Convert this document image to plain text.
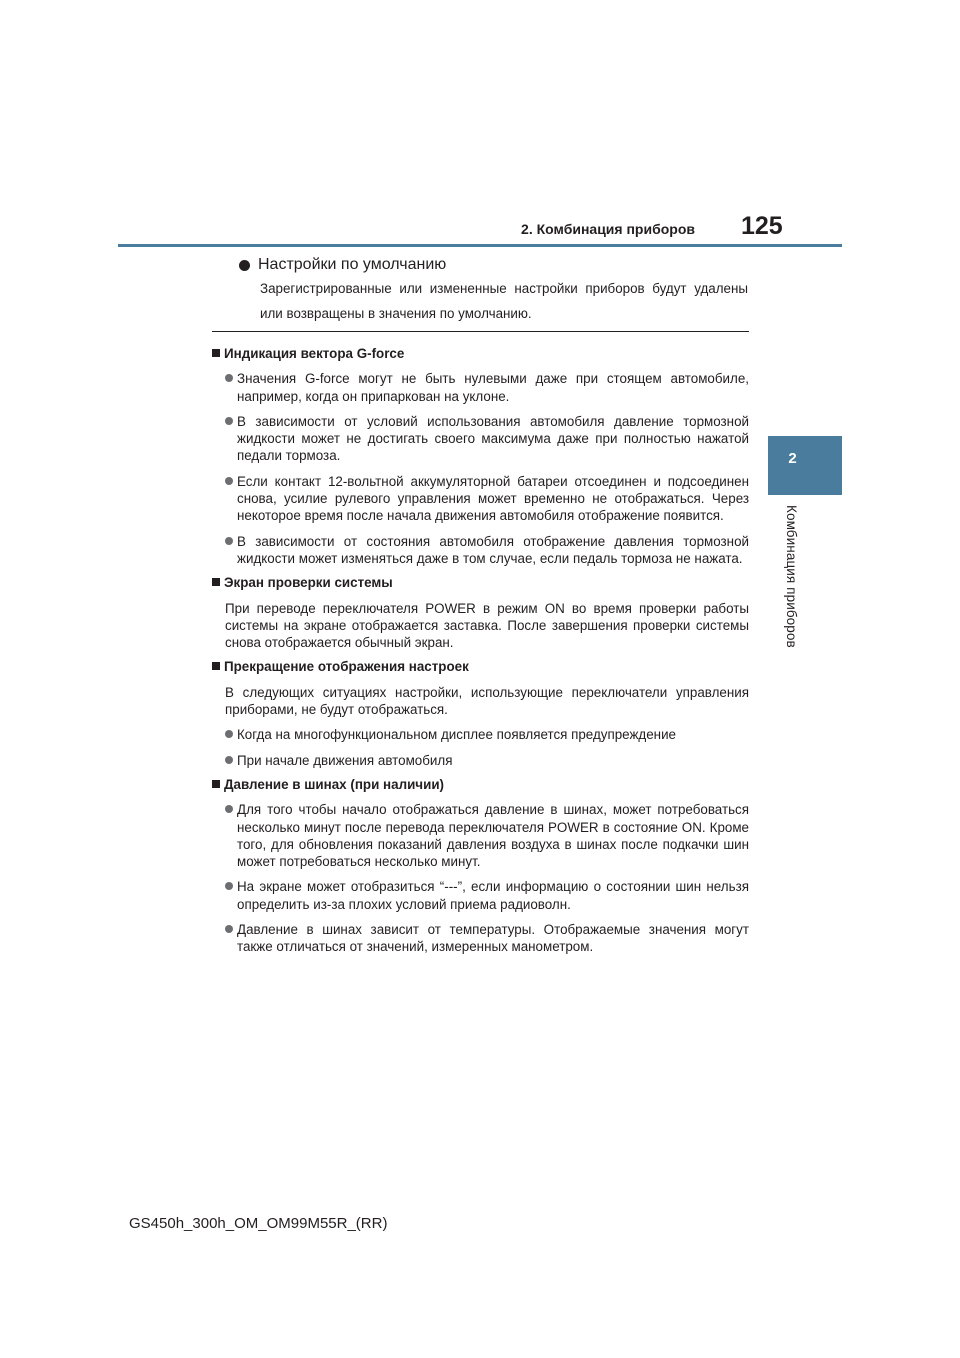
2. Комбинация приборов 125
2
Комбинация приборов
Настройки по умолчанию
Зарегистрированные или измененные настройки приборов будут удалены или возвращены в значения по умолчанию.
Индикация вектора G-force
Значения G-force могут не быть нулевыми даже при стоящем автомобиле, например, когда он припаркован на уклоне.
В зависимости от условий использования автомобиля давление тормозной жидкости может не достигать своего максимума даже при полностью нажатой педали тормоза.
Если контакт 12-вольтной аккумуляторной батареи отсоединен и подсоединен снова, усилие рулевого управления может временно не отображаться. Через некоторое время после начала движения автомобиля отображение появится.
В зависимости от состояния автомобиля отображение давления тормозной жидкости может изменяться даже в том случае, если педаль тормоза не нажата.
Экран проверки системы
При переводе переключателя POWER в режим ON во время проверки работы системы на экране отображается заставка. После завершения проверки системы снова отображается обычный экран.
Прекращение отображения настроек
В следующих ситуациях настройки, использующие переключатели управления приборами, не будут отображаться.
Когда на многофункциональном дисплее появляется предупреждение
При начале движения автомобиля
Давление в шинах (при наличии)
Для того чтобы начало отображаться давление в шинах, может потребоваться несколько минут после перевода переключателя POWER в состояние ON. Кроме того, для обновления показаний давления воздуха в шинах после подкачки шин может потребоваться несколько минут.
На экране может отобразиться “---”, если информацию о состоянии шин нельзя определить из-за плохих условий приема радиоволн.
Давление в шинах зависит от температуры. Отображаемые значения могут также отличаться от значений, измеренных манометром.
GS450h_300h_OM_OM99M55R_(RR)
